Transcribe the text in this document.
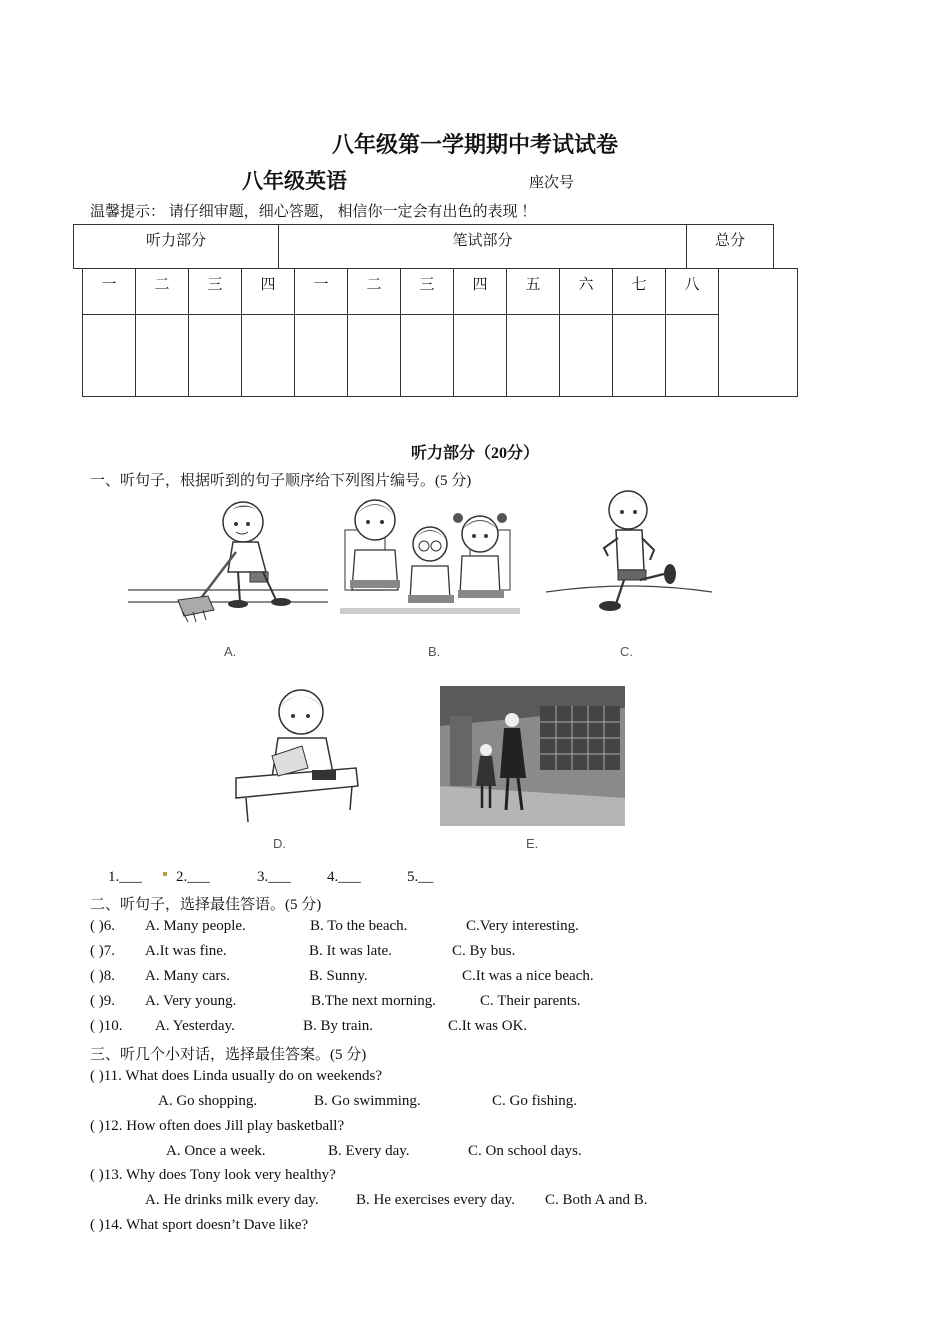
八年级第一学期期中考试试卷
八年级英语	座次号
温馨提示： 请仔细审题，细心答题， 相信你一定会有出色的表现 ！
听力部分	笔试部分	总分
一	二	三	四	一	二	三	四	五	六	七	八	

听力部分（20分）
一、听句子，根据听到的句子顺序给下列图片编号。(5 分)
A.	B.	C.
D.	E.
1.___ 2.___	3.___ 4.___	5.__
二、听句子，选择最佳答语。(5 分)
( )6. A. Many people.	B. To the beach.	C.Very interesting.
( )7. A.It was fine.	B. It was late.	C. By bus.
( )8. A. Many cars.	B. Sunny.	C.It was a nice beach.
( )9. A. Very young.	B.The next morning.	C. Their parents.
( )10. A. Yesterday.	B. By train.	C.It was OK.
三、听几个小对话，选择最佳答案。(5 分)
( )11. What does Linda usually do on weekends?
A. Go shopping.	B. Go swimming.	C. Go fishing.
( )12. How often does Jill play basketball?
A. Once a week.	B. Every day.	C. On school days.
( )13. Why does Tony look very healthy?
A. He drinks milk every day. B. He exercises every day. C. Both A and B.
( )14. What sport doesn’t Dave like?
